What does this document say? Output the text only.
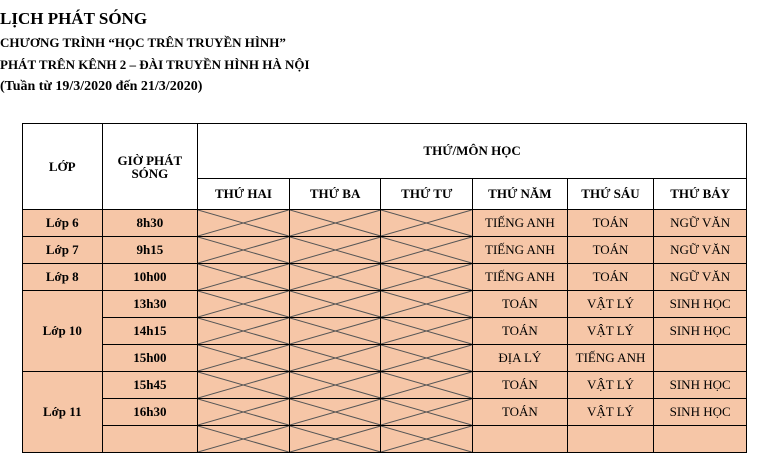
LỊCH PHÁT SÓNG
CHƯƠNG TRÌNH “HỌC TRÊN TRUYỀN HÌNH”
PHÁT TRÊN KÊNH 2 – ĐÀI TRUYỀN HÌNH HÀ NỘI
(Tuần từ 19/3/2020 đến 21/3/2020)
LỚP	GIỜ PHÁT SÓNG	THỨ/MÔN HỌC					
		THỨ HAI	THỨ BA	THỨ TƯ	THỨ NĂM	THỨ SÁU	THỨ BẢY
Lớp 6	8h30				TIẾNG ANH	TOÁN	NGỮ VĂN
Lớp 7	9h15				TIẾNG ANH	TOÁN	NGỮ VĂN
Lớp 8	10h00				TIẾNG ANH	TOÁN	NGỮ VĂN
Lớp 10	13h30				TOÁN	VẬT LÝ	SINH HỌC
	14h15				TOÁN	VẬT LÝ	SINH HỌC
	15h00				ĐỊA LÝ	TIẾNG ANH	
Lớp 11	15h45				TOÁN	VẬT LÝ	SINH HỌC
	16h30				TOÁN	VẬT LÝ	SINH HỌC
